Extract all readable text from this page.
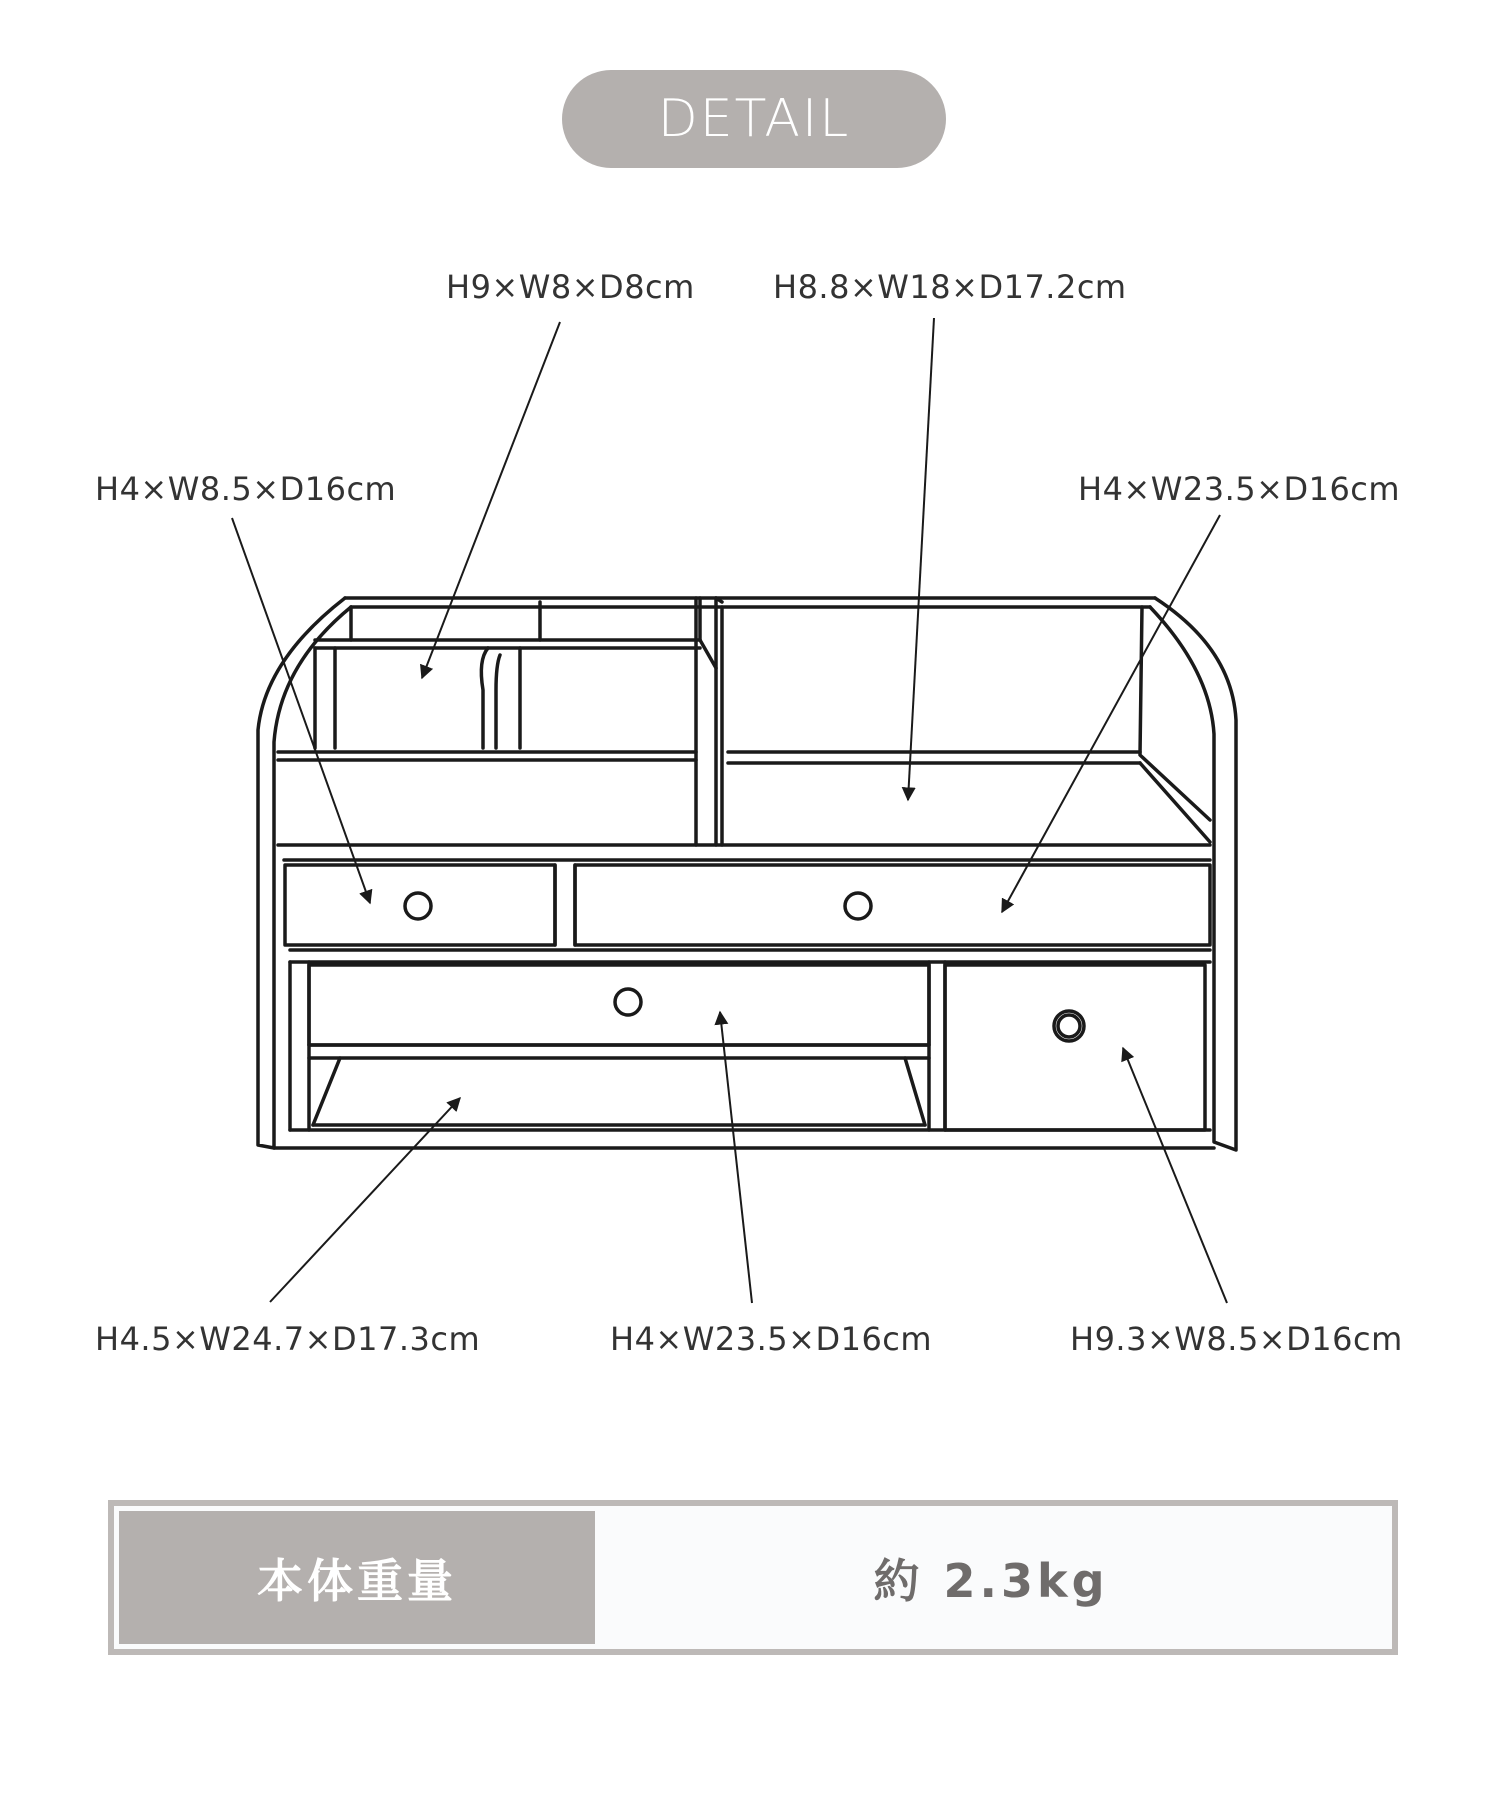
DETAIL
H9×W8×D8cm H8.8×W18×D17.2cm
H4×W8.5×D16cm	H4×W23.5×D16cm
H4.5×W24.7×D17.3cm	H4×W23.5×D16cm	H9.3×W8.5×D16cm
本体重量	約 2.3kg
